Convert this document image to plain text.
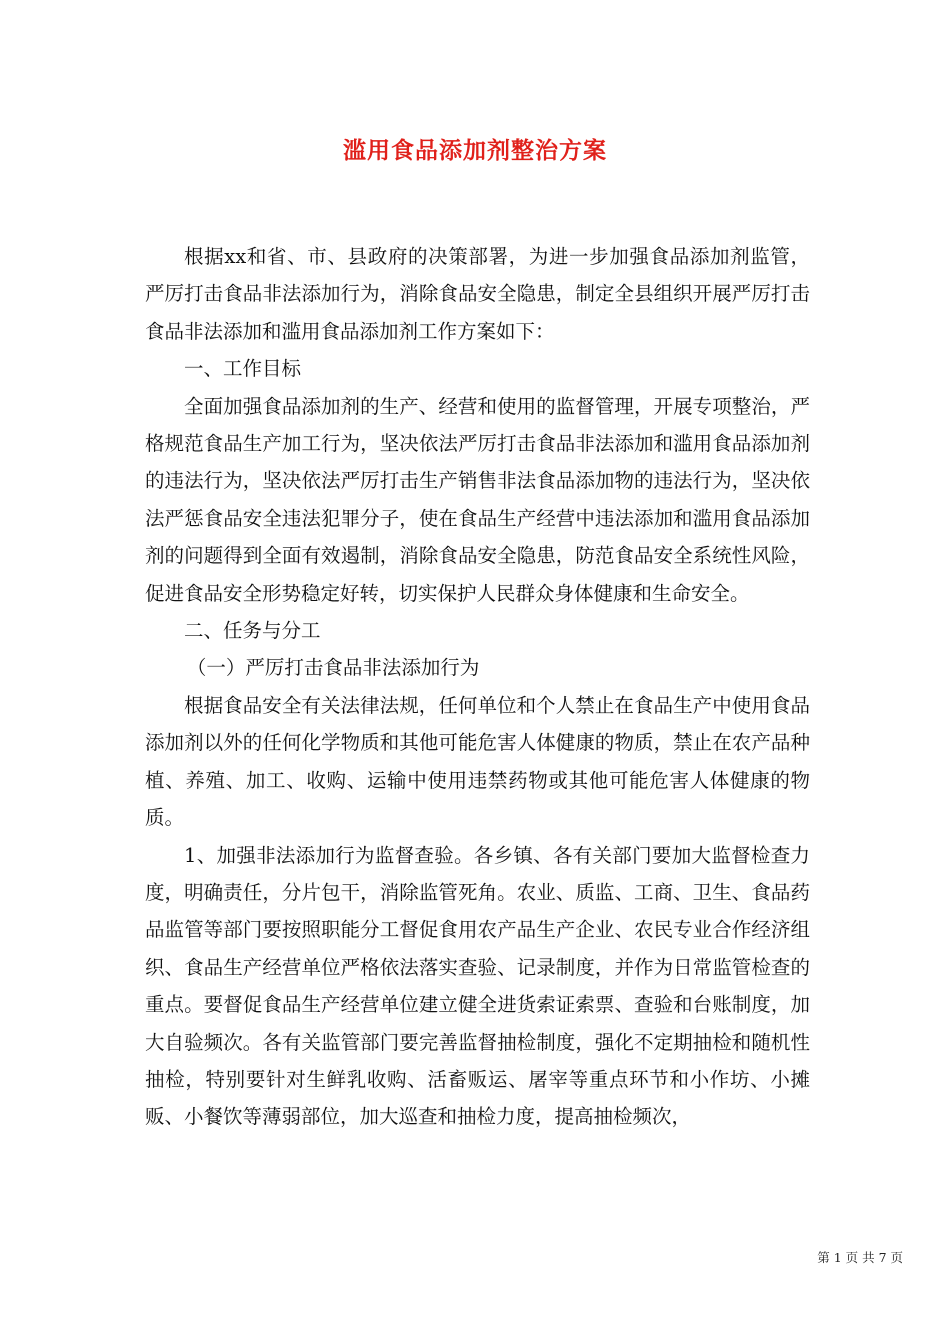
滥用食品添加剂整治方案

根据xx和省、市、县政府的决策部署，为进一步加强食品添加剂监管，严厉打击食品非法添加行为，消除食品安全隐患，制定全县组织开展严厉打击食品非法添加和滥用食品添加剂工作方案如下：

一、工作目标

全面加强食品添加剂的生产、经营和使用的监督管理，开展专项整治，严格规范食品生产加工行为，坚决依法严厉打击食品非法添加和滥用食品添加剂的违法行为，坚决依法严厉打击生产销售非法食品添加物的违法行为，坚决依法严惩食品安全违法犯罪分子，使在食品生产经营中违法添加和滥用食品添加剂的问题得到全面有效遏制，消除食品安全隐患，防范食品安全系统性风险，促进食品安全形势稳定好转，切实保护人民群众身体健康和生命安全。

二、任务与分工

（一）严厉打击食品非法添加行为

根据食品安全有关法律法规，任何单位和个人禁止在食品生产中使用食品添加剂以外的任何化学物质和其他可能危害人体健康的物质，禁止在农产品种植、养殖、加工、收购、运输中使用违禁药物或其他可能危害人体健康的物质。

1、加强非法添加行为监督查验。各乡镇、各有关部门要加大监督检查力度，明确责任，分片包干，消除监管死角。农业、质监、工商、卫生、食品药品监管等部门要按照职能分工督促食用农产品生产企业、农民专业合作经济组织、食品生产经营单位严格依法落实查验、记录制度，并作为日常监管检查的重点。要督促食品生产经营单位建立健全进货索证索票、查验和台账制度，加大自验频次。各有关监管部门要完善监督抽检制度，强化不定期抽检和随机性抽检，特别要针对生鲜乳收购、活畜贩运、屠宰等重点环节和小作坊、小摊贩、小餐饮等薄弱部位，加大巡查和抽检力度，提高抽检频次，

第 1 页 共 7 页
